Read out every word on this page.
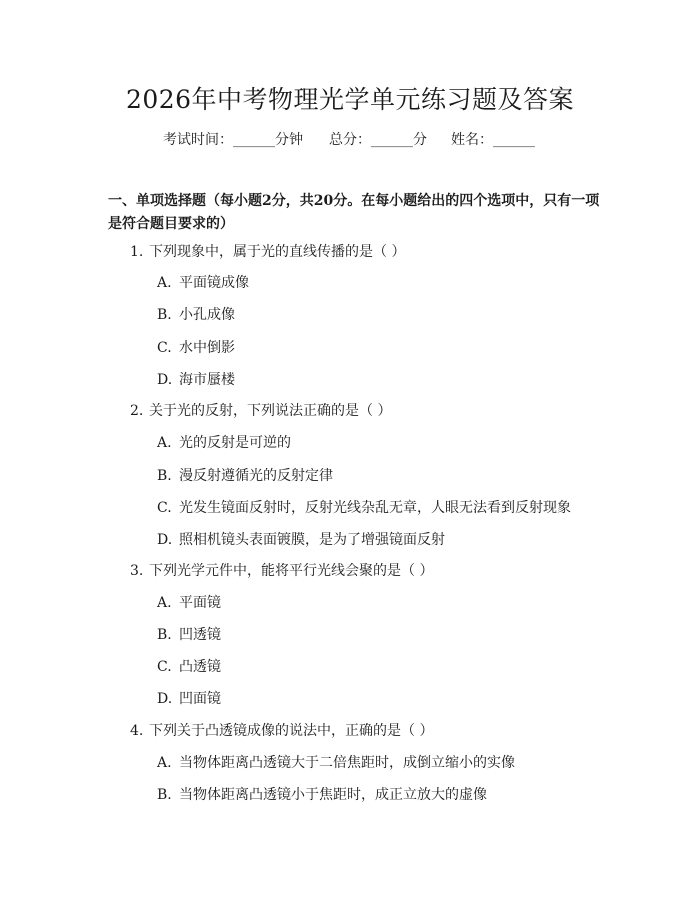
2026年中考物理光学单元练习题及答案
考试时间：______分钟 总分：______分 姓名：______
一、单项选择题（每小题2分，共20分。在每小题给出的四个选项中，只有一项是符合题目要求的）
1. 下列现象中，属于光的直线传播的是（ ）
A. 平面镜成像
B. 小孔成像
C. 水中倒影
D. 海市蜃楼
2. 关于光的反射，下列说法正确的是（ ）
A. 光的反射是可逆的
B. 漫反射遵循光的反射定律
C. 光发生镜面反射时，反射光线杂乱无章，人眼无法看到反射现象
D. 照相机镜头表面镀膜，是为了增强镜面反射
3. 下列光学元件中，能将平行光线会聚的是（ ）
A. 平面镜
B. 凹透镜
C. 凸透镜
D. 凹面镜
4. 下列关于凸透镜成像的说法中，正确的是（ ）
A. 当物体距离凸透镜大于二倍焦距时，成倒立缩小的实像
B. 当物体距离凸透镜小于焦距时，成正立放大的虚像
